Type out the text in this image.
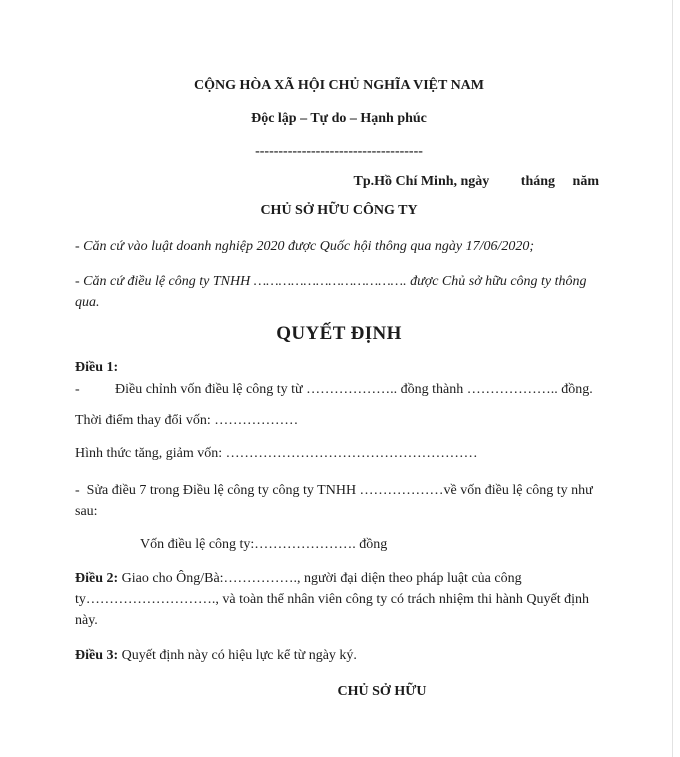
CỘNG HÒA XÃ HỘI CHỦ NGHĨA VIỆT NAM

Độc lập – Tự do – Hạnh phúc

------------------------------------

Tp.Hồ Chí Minh, ngày         tháng     năm

CHỦ SỞ HỮU CÔNG TY

- Căn cứ vào luật doanh nghiệp 2020 được Quốc hội thông qua ngày 17/06/2020;

- Căn cứ điều lệ công ty TNHH ………………………………. được Chủ sở hữu công ty thông qua.

QUYẾT ĐỊNH

Điều 1:

-	Điều chỉnh vốn điều lệ công ty từ ……………….. đồng thành ……………….. đồng.

Thời điểm thay đổi vốn: ………………

Hình thức tăng, giảm vốn: ………………………………………………

-  Sửa điều 7 trong Điều lệ công ty công ty TNHH ………………về vốn điều lệ công ty như sau:

Vốn điều lệ công ty:…………………. đồng

Điều 2: Giao cho Ông/Bà:……………., người đại diện theo pháp luật của công
ty………………………., và toàn thể nhân viên công ty có trách nhiệm thi hành Quyết định này.

Điều 3: Quyết định này có hiệu lực kể từ ngày ký.

CHỦ SỞ HỮU
